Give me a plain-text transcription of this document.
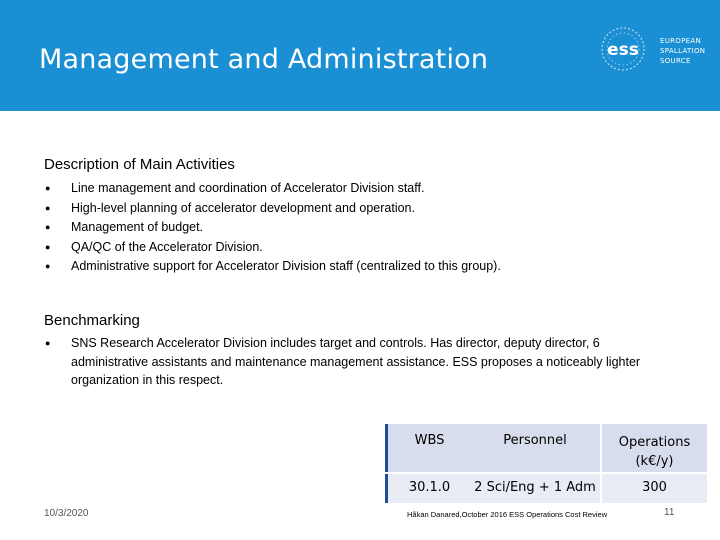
Management and Administration	ess	EUROPEAN
SPALLATION
SOURCE
Description of Main Activities
● Line management and coordination of Accelerator Division staff.
● High-level planning of accelerator development and operation.
● Management of budget.
● QA/QC of the Accelerator Division.
● Administrative support for Accelerator Division staff (centralized to this group).
Benchmarking
●	SNS Research Accelerator Division includes target and controls. Has director, deputy director, 6 administrative assistants and maintenance management assistance. ESS proposes a noticeably lighter organization in this respect.
WBS	Personnel	Operations (k€/y)
30.1.0	2 Sci/Eng + 1 Adm	300
10/3/2020	Håkan Danared,October 2016 ESS Operations Cost Review	11
